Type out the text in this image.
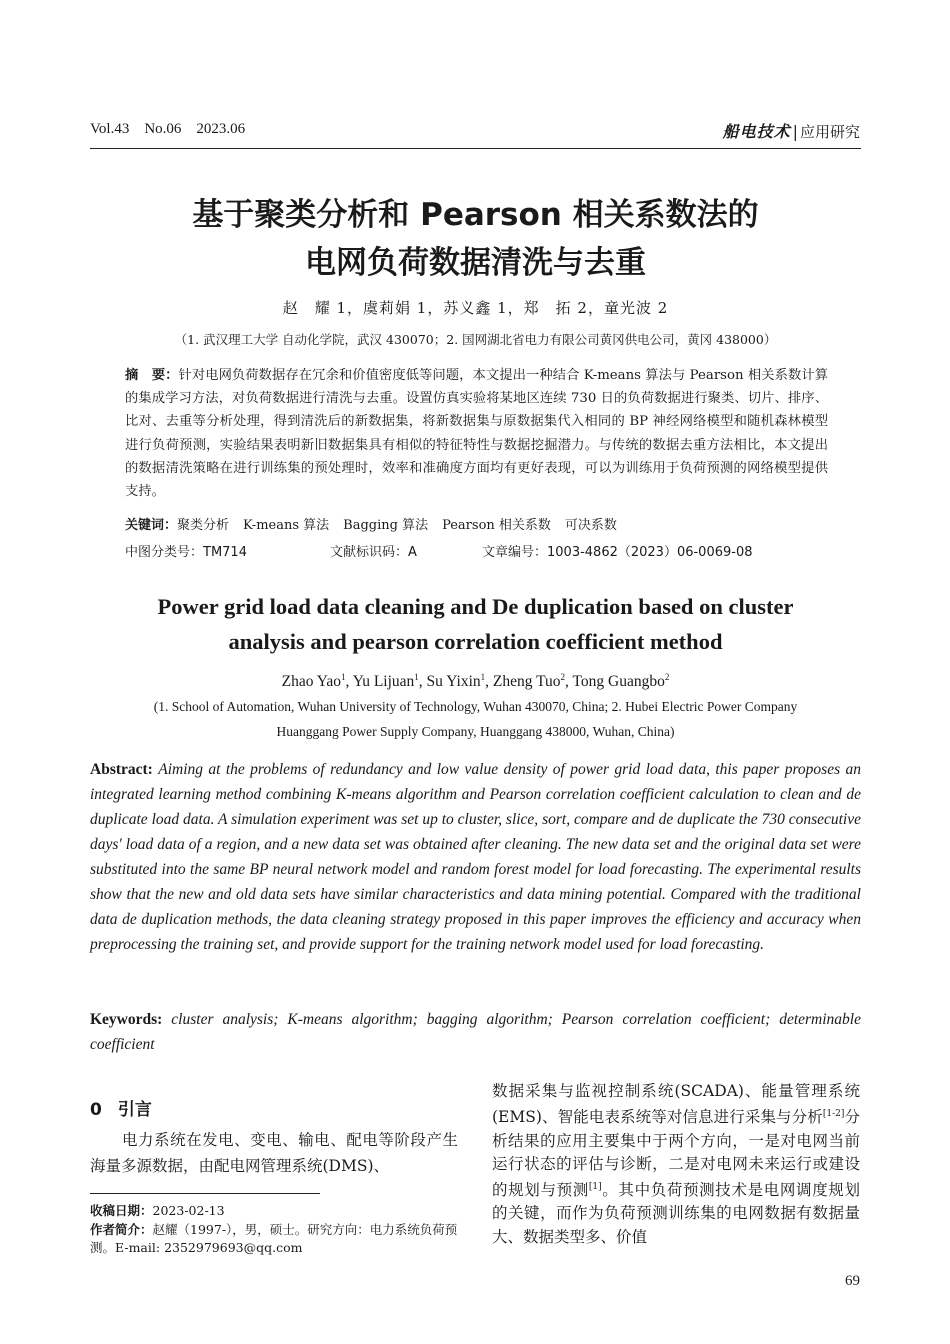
Vol.43    No.06    2023.06	船电技术 | 应用研究
基于聚类分析和 Pearson 相关系数法的
电网负荷数据清洗与去重
赵　耀 1，虞莉娟 1，苏义鑫 1，郑　拓 2，童光波 2
（1. 武汉理工大学 自动化学院，武汉 430070；2. 国网湖北省电力有限公司黄冈供电公司，黄冈 438000）
摘　要：针对电网负荷数据存在冗余和价值密度低等问题，本文提出一种结合 K-means 算法与 Pearson 相关系数计算的集成学习方法，对负荷数据进行清洗与去重。设置仿真实验将某地区连续 730 日的负荷数据进行聚类、切片、排序、比对、去重等分析处理，得到清洗后的新数据集，将新数据集与原数据集代入相同的 BP 神经网络模型和随机森林模型进行负荷预测，实验结果表明新旧数据集具有相似的特征特性与数据挖掘潜力。与传统的数据去重方法相比，本文提出的数据清洗策略在进行训练集的预处理时，效率和准确度方面均有更好表现，可以为训练用于负荷预测的网络模型提供支持。
关键词：聚类分析 K-means 算法 Bagging 算法 Pearson 相关系数 可决系数
中图分类号：TM714	文献标识码：A	文章编号：1003-4862（2023）06-0069-08
Power grid load data cleaning and De duplication based on cluster
analysis and pearson correlation coefficient method
Zhao Yao$^1$, Yu Lijuan$^1$, Su Yixin$^1$, Zheng Tuo$^2$, Tong Guangbo$^2$
(1. School of Automation, Wuhan University of Technology, Wuhan 430070, China; 2. Hubei Electric Power Company
Huanggang Power Supply Company, Huanggang 438000, Wuhan, China)
Abstract: Aiming at the problems of redundancy and low value density of power grid load data, this paper proposes an integrated learning method combining K-means algorithm and Pearson correlation coefficient calculation to clean and de duplicate load data. A simulation experiment was set up to cluster, slice, sort, compare and de duplicate the 730 consecutive days' load data of a region, and a new data set was obtained after cleaning. The new data set and the original data set were substituted into the same BP neural network model and random forest model for load forecasting. The experimental results show that the new and old data sets have similar characteristics and data mining potential. Compared with the traditional data de duplication methods, the data cleaning strategy proposed in this paper improves the efficiency and accuracy when preprocessing the training set, and provide support for the training network model used for load forecasting.
Keywords: cluster analysis; K-means algorithm; bagging algorithm; Pearson correlation coefficient; determinable coefficient
0 引言
电力系统在发电、变电、输电、配电等阶段产生海量多源数据，由配电网管理系统(DMS)、
收稿日期：2023-02-13
作者简介：赵耀（1997-），男，硕士。研究方向：电力系统负荷预测。E-mail: 2352979693@qq.com
数据采集与监视控制系统(SCADA)、能量管理系统(EMS)、智能电表系统等对信息进行采集与分析[1-2]分析结果的应用主要集中于两个方向，一是对电网当前运行状态的评估与诊断，二是对电网未来运行或建设的规划与预测[1]。其中负荷预测技术是电网调度规划的关键，而作为负荷预测训练集的电网数据有数据量大、数据类型多、价值
69
